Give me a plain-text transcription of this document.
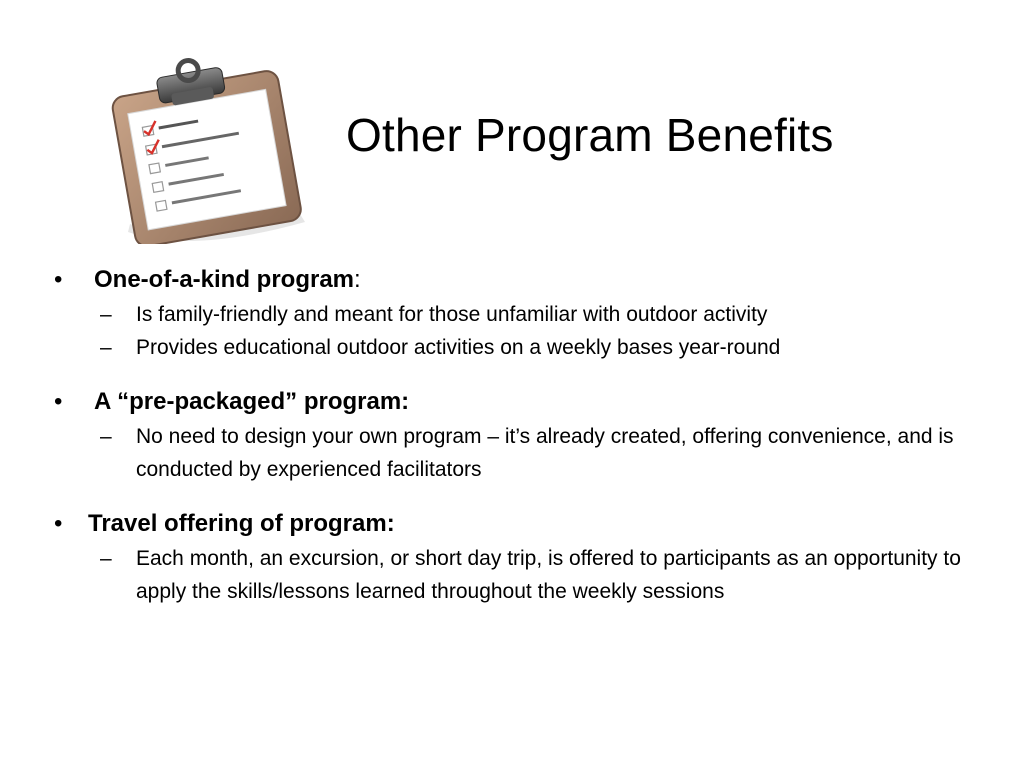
Other Program Benefits
•	One-of-a-kind program:
–	Is family-friendly and meant for those unfamiliar with outdoor activity
–	Provides educational outdoor activities on a weekly bases year-round
•	A “pre-packaged” program:
–	No need to design your own program – it’s already created, offering convenience, and is conducted by experienced facilitators
•	Travel offering of program:
–	Each month, an excursion, or short day trip, is offered to participants as an opportunity to apply the skills/lessons learned throughout the weekly sessions
